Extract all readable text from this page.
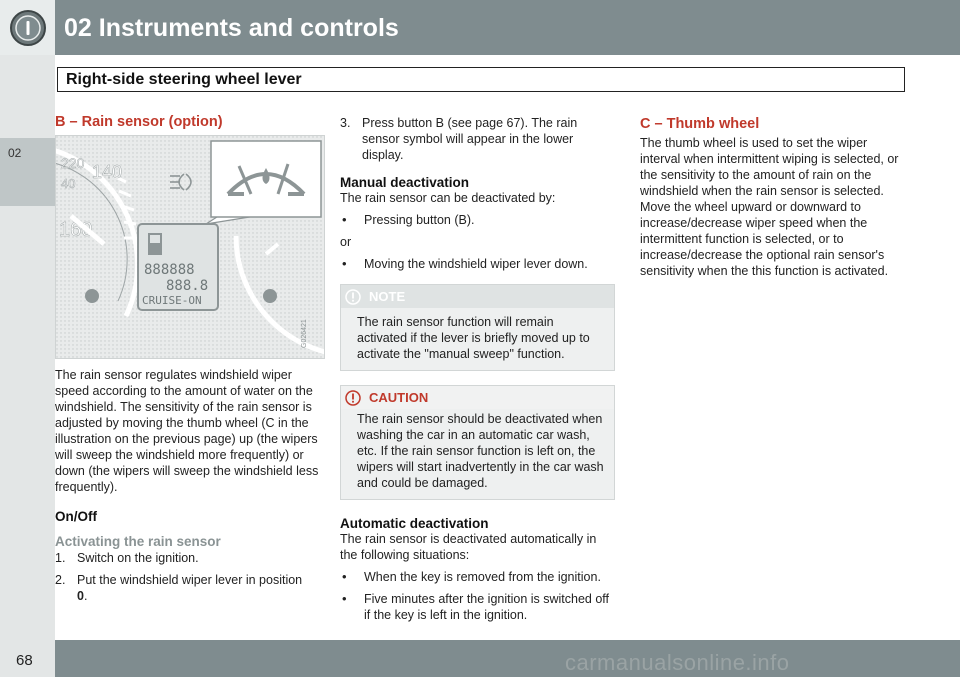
02 Instruments and controls
02
Right-side steering wheel lever
B – Rain sensor (option)
220 140
40
160
888888
888.8
CRUISE-ON
G026421

The rain sensor regulates windshield wiper speed according to the amount of water on the windshield. The sensitivity of the rain sensor is adjusted by moving the thumb wheel (C in the illustration on the previous page) up (the wipers will sweep the windshield more frequently) or down (the wipers will sweep the windshield less frequently).

On/Off
Activating the rain sensor
1. Switch on the ignition.
2. Put the windshield wiper lever in position
0.
3. Press button B (see page 67). The rain sensor symbol will appear in the lower display.
Manual deactivation

The rain sensor can be deactivated by:

• Pressing button (B).

or

• Moving the windshield wiper lever down.
NOTE

The rain sensor function will remain activated if the lever is briefly moved up to activate the "manual sweep" function.

CAUTION

The rain sensor should be deactivated when washing the car in an automatic car wash, etc. If the rain sensor function is left on, the wipers will start inadvertently in the car wash and could be damaged.

Automatic deactivation

The rain sensor is deactivated automatically in the following situations:

• When the key is removed from the ignition.
• Five minutes after the ignition is switched off if the key is left in the ignition.
C – Thumb wheel

The thumb wheel is used to set the wiper interval when intermittent wiping is selected, or the sensitivity to the amount of rain on the windshield when the rain sensor is selected. Move the wheel upward or downward to increase/decrease wiper speed when the intermittent function is selected, or to increase/decrease the optional rain sensor's sensitivity when the this function is activated.

68	carmanualsonline.info
